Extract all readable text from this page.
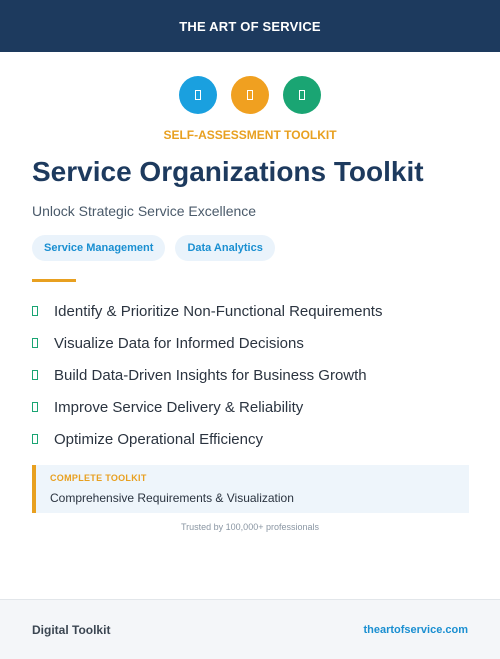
THE ART OF SERVICE
SELF-ASSESSMENT TOOLKIT
Service Organizations Toolkit
Unlock Strategic Service Excellence
Service Management	Data Analytics
Identify & Prioritize Non-Functional Requirements
Visualize Data for Informed Decisions
Build Data-Driven Insights for Business Growth
Improve Service Delivery & Reliability
Optimize Operational Efficiency
COMPLETE TOOLKIT
Comprehensive Requirements & Visualization
Trusted by 100,000+ professionals
Digital Toolkit	theartofservice.com
